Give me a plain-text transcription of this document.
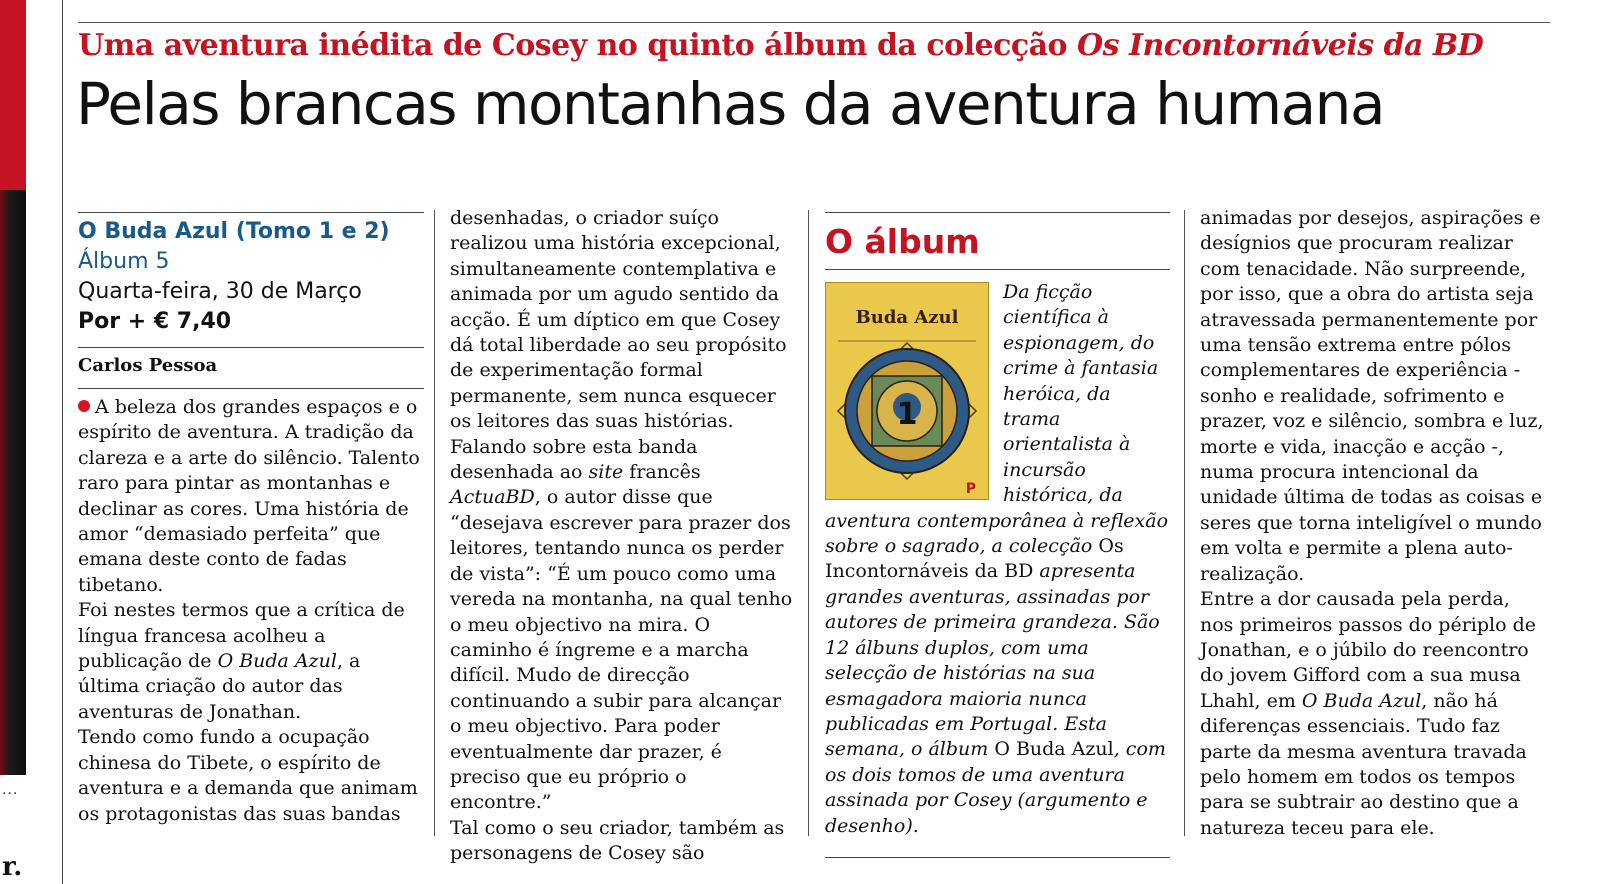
...
r.
Uma aventura inédita de Cosey no quinto álbum da colecção Os Incontornáveis da BD
Pelas brancas montanhas da aventura humana
O Buda Azul (Tomo 1 e 2)
Álbum 5
Quarta-feira, 30 de Março
Por + € 7,40
Carlos Pessoa

A beleza dos grandes espaços e o espírito de aventura. A tradição da clareza e a arte do silêncio. Talento raro para pintar as montanhas e declinar as cores. Uma história de amor “demasiado perfeita” que emana deste conto de fadas tibetano.

Foi nestes termos que a crítica de língua francesa acolheu a publicação de O Buda Azul, a última criação do autor das aventuras de Jonathan.

Tendo como fundo a ocupação chinesa do Tibete, o espírito de aventura e a demanda que animam os protagonistas das suas bandas

desenhadas, o criador suíço realizou uma história excepcional, simultaneamente contemplativa e animada por um agudo sentido da acção. É um díptico em que Cosey dá total liberdade ao seu propósito de experimentação formal permanente, sem nunca esquecer os leitores das suas histórias. Falando sobre esta banda desenhada ao site francês ActuaBD, o autor disse que “desejava escrever para prazer dos leitores, tentando nunca os perder de vista”: “É um pouco como uma vereda na montanha, na qual tenho o meu objectivo na mira. O caminho é íngreme e a marcha difícil. Mudo de direcção continuando a subir para alcançar o meu objectivo. Para poder eventualmente dar prazer, é preciso que eu próprio o encontre.”

Tal como o seu criador, também as personagens de Cosey são

O álbum
Buda Azul
1
P

Da ficção científica à espionagem, do crime à fantasia heróica, da trama orientalista à incursão histórica, da aventura contemporânea à reflexão sobre o sagrado, a colecção Os Incontornáveis da BD apresenta grandes aventuras, assinadas por autores de primeira grandeza. São 12 álbuns duplos, com uma selecção de histórias na sua esmagadora maioria nunca publicadas em Portugal. Esta semana, o álbum O Buda Azul, com os dois tomos de uma aventura assinada por Cosey (argumento e desenho).

animadas por desejos, aspirações e desígnios que procuram realizar com tenacidade. Não surpreende, por isso, que a obra do artista seja atravessada permanentemente por uma tensão extrema entre pólos complementares de experiência - sonho e realidade, sofrimento e prazer, voz e silêncio, sombra e luz, morte e vida, inacção e acção -, numa procura intencional da unidade última de todas as coisas e seres que torna inteligível o mundo em volta e permite a plena auto-realização.

Entre a dor causada pela perda, nos primeiros passos do périplo de Jonathan, e o júbilo do reencontro do jovem Gifford com a sua musa Lhahl, em O Buda Azul, não há diferenças essenciais. Tudo faz parte da mesma aventura travada pelo homem em todos os tempos para se subtrair ao destino que a natureza teceu para ele.
